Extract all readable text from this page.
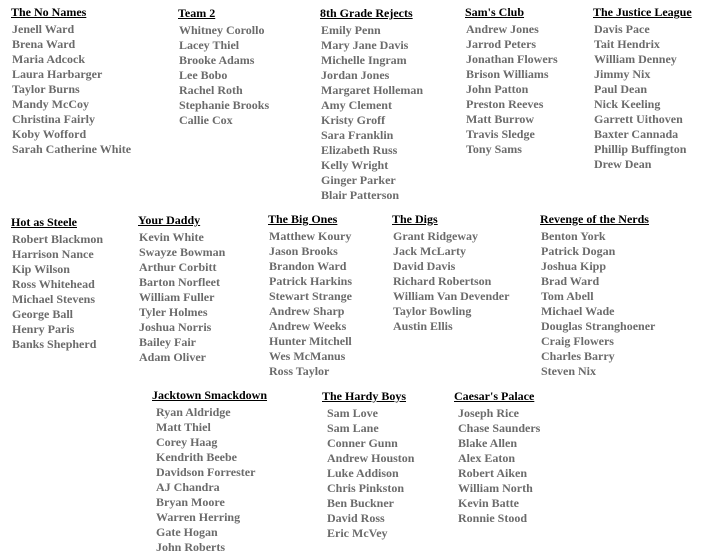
The No Names
Jenell Ward
Brena Ward
Maria Adcock
Laura Harbarger
Taylor Burns
Mandy McCoy
Christina Fairly
Koby Wofford
Sarah Catherine White
Team 2
Whitney Corollo
Lacey Thiel
Brooke Adams
Lee Bobo
Rachel Roth
Stephanie Brooks
Callie Cox
8th Grade Rejects
Emily Penn
Mary Jane Davis
Michelle Ingram
Jordan Jones
Margaret Holleman
Amy Clement
Kristy Groff
Sara Franklin
Elizabeth Russ
Kelly Wright
Ginger Parker
Blair Patterson
Sam's Club
Andrew Jones
Jarrod Peters
Jonathan Flowers
Brison Williams
John Patton
Preston Reeves
Matt Burrow
Travis Sledge
Tony Sams
The Justice League
Davis Pace
Tait Hendrix
William Denney
Jimmy Nix
Paul Dean
Nick Keeling
Garrett Uithoven
Baxter Cannada
Phillip Buffington
Drew Dean
Hot as Steele
Robert Blackmon
Harrison Nance
Kip Wilson
Ross Whitehead
Michael Stevens
George Ball
Henry Paris
Banks Shepherd
Your Daddy
Kevin White
Swayze Bowman
Arthur Corbitt
Barton Norfleet
William Fuller
Tyler Holmes
Joshua Norris
Bailey Fair
Adam Oliver
The Big Ones
Matthew Koury
Jason Brooks
Brandon Ward
Patrick Harkins
Stewart Strange
Andrew Sharp
Andrew Weeks
Hunter Mitchell
Wes McManus
Ross Taylor
The Digs
Grant Ridgeway
Jack McLarty
David Davis
Richard Robertson
William Van Devender
Taylor Bowling
Austin Ellis
Revenge of the Nerds
Benton York
Patrick Dogan
Joshua Kipp
Brad Ward
Tom Abell
Michael Wade
Douglas Stranghoener
Craig Flowers
Charles Barry
Steven Nix
Jacktown Smackdown
Ryan Aldridge
Matt Thiel
Corey Haag
Kendrith Beebe
Davidson Forrester
AJ Chandra
Bryan Moore
Warren Herring
Gate Hogan
John Roberts
The Hardy Boys
Sam Love
Sam Lane
Conner Gunn
Andrew Houston
Luke Addison
Chris Pinkston
Ben Buckner
David Ross
Eric McVey
Caesar's Palace
Joseph Rice
Chase Saunders
Blake Allen
Alex Eaton
Robert Aiken
William North
Kevin Batte
Ronnie Stood
